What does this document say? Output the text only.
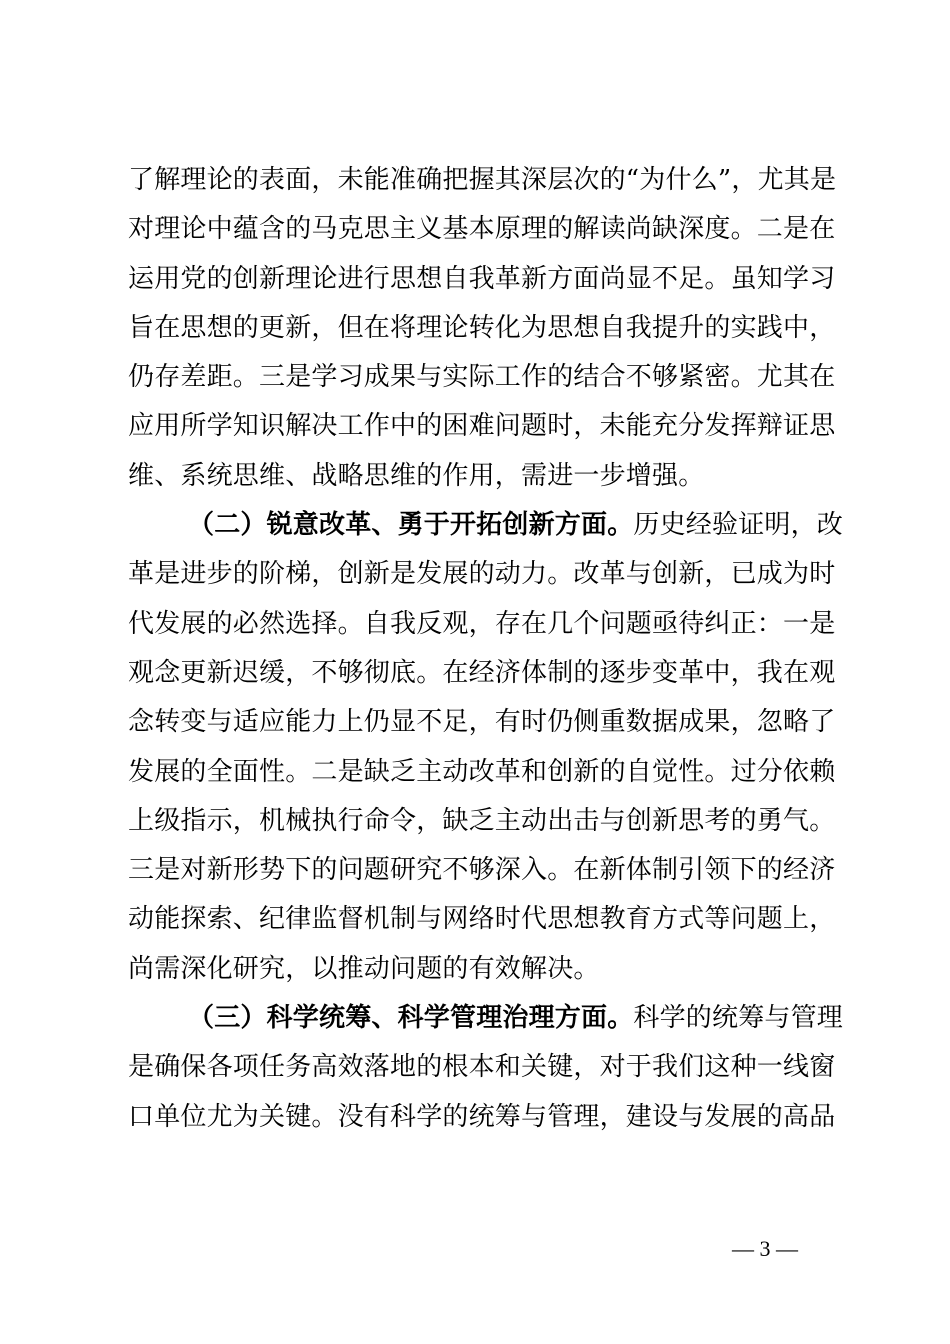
了解理论的表面，未能准确把握其深层次的“为什么”，尤其是
对理论中蕴含的马克思主义基本原理的解读尚缺深度。二是在
运用党的创新理论进行思想自我革新方面尚显不足。虽知学习
旨在思想的更新，但在将理论转化为思想自我提升的实践中，
仍存差距。三是学习成果与实际工作的结合不够紧密。尤其在
应用所学知识解决工作中的困难问题时，未能充分发挥辩证思
维、系统思维、战略思维的作用，需进一步增强。
（二）锐意改革、勇于开拓创新方面。历史经验证明，改
革是进步的阶梯，创新是发展的动力。改革与创新，已成为时
代发展的必然选择。自我反观，存在几个问题亟待纠正：一是
观念更新迟缓，不够彻底。在经济体制的逐步变革中，我在观
念转变与适应能力上仍显不足，有时仍侧重数据成果，忽略了
发展的全面性。二是缺乏主动改革和创新的自觉性。过分依赖
上级指示，机械执行命令，缺乏主动出击与创新思考的勇气。
三是对新形势下的问题研究不够深入。在新体制引领下的经济
动能探索、纪律监督机制与网络时代思想教育方式等问题上，
尚需深化研究，以推动问题的有效解决。
（三）科学统筹、科学管理治理方面。科学的统筹与管理
是确保各项任务高效落地的根本和关键，对于我们这种一线窗
口单位尤为关键。没有科学的统筹与管理，建设与发展的高品
— 3 —
